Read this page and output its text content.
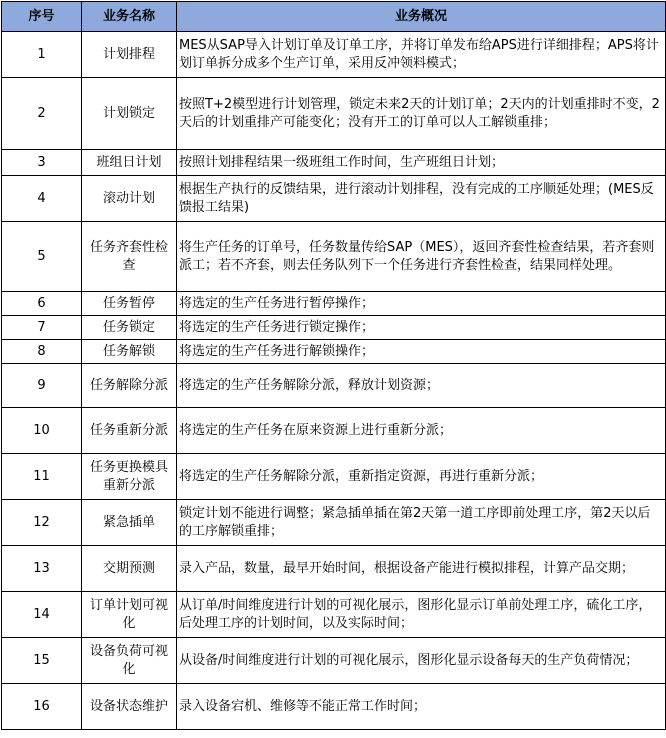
序号	业务名称	业务概况
1	计划排程	MES从SAP导入计划订单及订单工序，并将订单发布给APS进行详细排程；APS将计划订单拆分成多个生产订单，采用反冲领料模式；
2	计划锁定	按照T+2模型进行计划管理，锁定未来2天的计划订单；2天内的计划重排时不变，2天后的计划重排产可能变化；没有开工的订单可以人工解锁重排；
3	班组日计划	按照计划排程结果一级班组工作时间，生产班组日计划；
4	滚动计划	根据生产执行的反馈结果，进行滚动计划排程，没有完成的工序顺延处理；(MES反馈报工结果)
5	任务齐套性检查	将生产任务的订单号，任务数量传给SAP（MES），返回齐套性检查结果，若齐套则派工；若不齐套，则去任务队列下一个任务进行齐套性检查，结果同样处理。
6	任务暂停	将选定的生产任务进行暂停操作；
7	任务锁定	将选定的生产任务进行锁定操作；
8	任务解锁	将选定的生产任务进行解锁操作；
9	任务解除分派	将选定的生产任务解除分派，释放计划资源；
10	任务重新分派	将选定的生产任务在原来资源上进行重新分派；
11	任务更换模具重新分派	将选定的生产任务解除分派，重新指定资源，再进行重新分派；
12	紧急插单	锁定计划不能进行调整；紧急插单插在第2天第一道工序即前处理工序，第2天以后的工序解锁重排；
13	交期预测	录入产品，数量，最早开始时间，根据设备产能进行模拟排程，计算产品交期；
14	订单计划可视化	从订单/时间维度进行计划的可视化展示，图形化显示订单前处理工序，硫化工序，后处理工序的计划时间，以及实际时间；
15	设备负荷可视化	从设备/时间维度进行计划的可视化展示，图形化显示设备每天的生产负荷情况；
16	设备状态维护	录入设备宕机、维修等不能正常工作时间；
